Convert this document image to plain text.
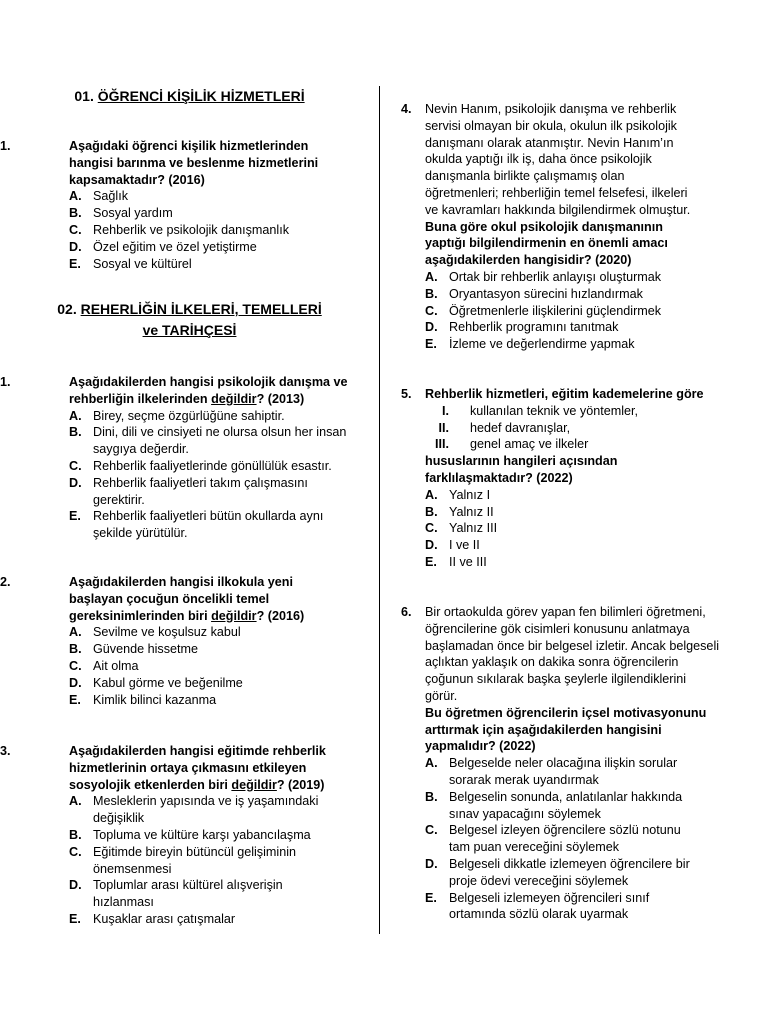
01. ÖĞRENCİ KİŞİLİK HİZMETLERİ
1.	Aşağıdaki öğrenci kişilik hizmetlerinden hangisi barınma ve beslenme hizmetlerini kapsamaktadır? (2016)
A. Sağlık
B. Sosyal yardım
C. Rehberlik ve psikolojik danışmanlık
D. Özel eğitim ve özel yetiştirme
E. Sosyal ve kültürel
02. REHERLİĞİN İLKELERİ, TEMELLERİ
ve TARİHÇESİ
1.	Aşağıdakilerden hangisi psikolojik danışma ve rehberliğin ilkelerinden değildir? (2013)
A. Birey, seçme özgürlüğüne sahiptir.
B. Dini, dili ve cinsiyeti ne olursa olsun her insan saygıya değerdir.
C. Rehberlik faaliyetlerinde gönüllülük esastır.
D. Rehberlik faaliyetleri takım çalışmasını gerektirir.
E. Rehberlik faaliyetleri bütün okullarda aynı şekilde yürütülür.
2.	Aşağıdakilerden hangisi ilkokula yeni başlayan çocuğun öncelikli temel gereksinimlerinden biri değildir? (2016)
A. Sevilme ve koşulsuz kabul
B. Güvende hissetme
C. Ait olma
D. Kabul görme ve beğenilme
E. Kimlik bilinci kazanma
3.	Aşağıdakilerden hangisi eğitimde rehberlik hizmetlerinin ortaya çıkmasını etkileyen sosyolojik etkenlerden biri değildir? (2019)
A. Mesleklerin yapısında ve iş yaşamındaki değişiklik
B. Topluma ve kültüre karşı yabancılaşma
C. Eğitimde bireyin bütüncül gelişiminin önemsenmesi
D. Toplumlar arası kültürel alışverişin hızlanması
E. Kuşaklar arası çatışmalar
4.	Nevin Hanım, psikolojik danışma ve rehberlik servisi olmayan bir okula, okulun ilk psikolojik danışmanı olarak atanmıştır. Nevin Hanım’ın okulda yaptığı ilk iş, daha önce psikolojik danışmanla birlikte çalışmamış olan öğretmenleri; rehberliğin temel felsefesi, ilkeleri ve kavramları hakkında bilgilendirmek olmuştur.
Buna göre okul psikolojik danışmanının yaptığı bilgilendirmenin en önemli amacı aşağıdakilerden hangisidir? (2020)
A. Ortak bir rehberlik anlayışı oluşturmak
B. Oryantasyon sürecini hızlandırmak
C. Öğretmenlerle ilişkilerini güçlendirmek
D. Rehberlik programını tanıtmak
E. İzleme ve değerlendirme yapmak
5.	Rehberlik hizmetleri, eğitim kademelerine göre
I. kullanılan teknik ve yöntemler,
II. hedef davranışlar,
III. genel amaç ve ilkeler
hususlarının hangileri açısından farklılaşmaktadır? (2022)
A. Yalnız I
B. Yalnız II
C. Yalnız III
D. I ve II
E. II ve III
6.	Bir ortaokulda görev yapan fen bilimleri öğretmeni, öğrencilerine gök cisimleri konusunu anlatmaya başlamadan önce bir belgesel izletir. Ancak belgeseli açlıktan yaklaşık on dakika sonra öğrencilerin çoğunun sıkılarak başka şeylerle ilgilendiklerini görür.
Bu öğretmen öğrencilerin içsel motivasyonunu arttırmak için aşağıdakilerden hangisini yapmalıdır? (2022)
A. Belgeselde neler olacağına ilişkin sorular sorarak merak uyandırmak
B. Belgeselin sonunda, anlatılanlar hakkında sınav yapacağını söylemek
C. Belgesel izleyen öğrencilere sözlü notunu tam puan vereceğini söylemek
D. Belgeseli dikkatle izlemeyen öğrencilere bir proje ödevi vereceğini söylemek
E. Belgeseli izlemeyen öğrencileri sınıf ortamında sözlü olarak uyarmak
